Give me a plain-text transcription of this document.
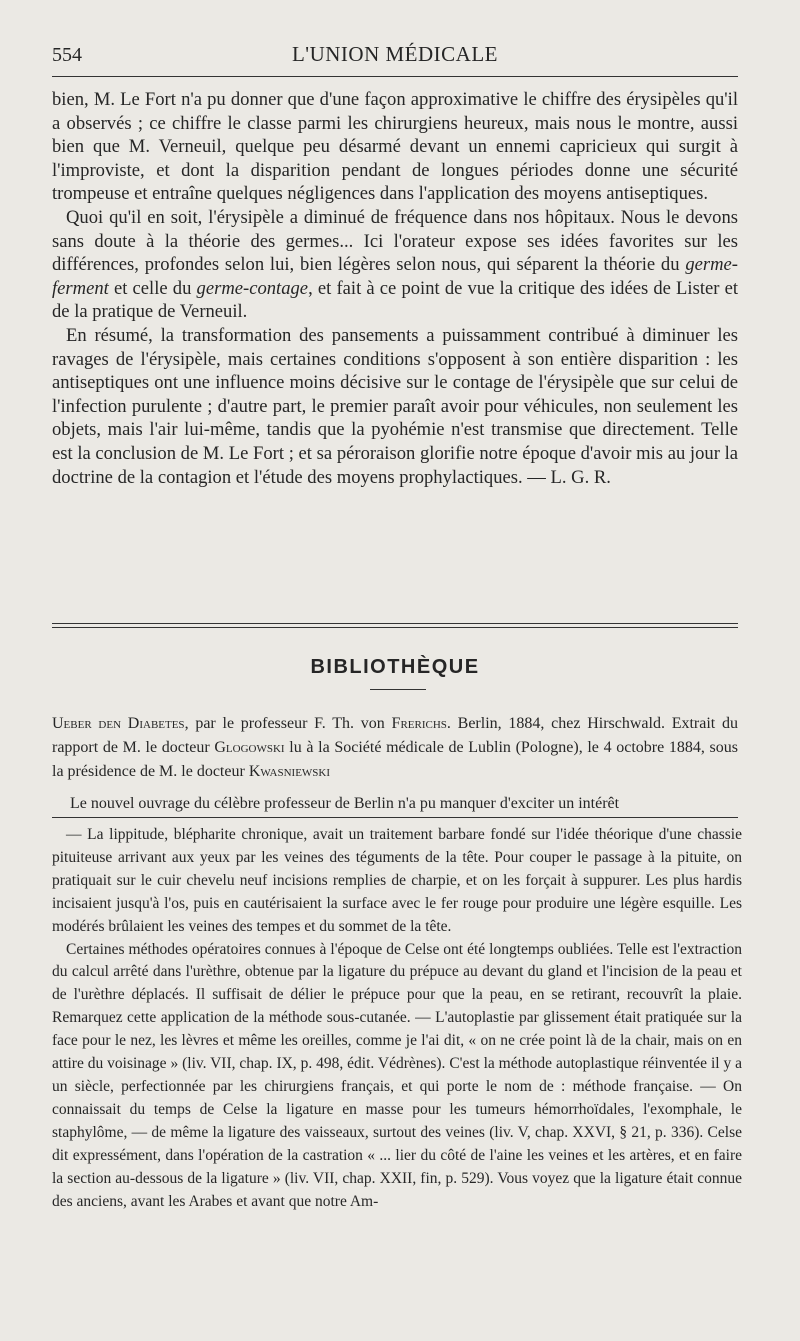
554	L'UNION MÉDICALE

bien, M. Le Fort n'a pu donner que d'une façon approximative le chiffre des érysipèles qu'il a observés ; ce chiffre le classe parmi les chirurgiens heureux, mais nous le montre, aussi bien que M. Verneuil, quelque peu désarmé devant un ennemi capricieux qui surgit à l'improviste, et dont la disparition pendant de longues périodes donne une sécurité trompeuse et entraîne quelques négligences dans l'application des moyens antiseptiques.

Quoi qu'il en soit, l'érysipèle a diminué de fréquence dans nos hôpitaux. Nous le devons sans doute à la théorie des germes... Ici l'orateur expose ses idées favorites sur les différences, profondes selon lui, bien légères selon nous, qui séparent la théorie du germe-ferment et celle du germe-contage, et fait à ce point de vue la critique des idées de Lister et de la pratique de Verneuil.

En résumé, la transformation des pansements a puissamment contribué à diminuer les ravages de l'érysipèle, mais certaines conditions s'opposent à son entière disparition : les antiseptiques ont une influence moins décisive sur le contage de l'érysipèle que sur celui de l'infection purulente ; d'autre part, le premier paraît avoir pour véhicules, non seulement les objets, mais l'air lui-même, tandis que la pyohémie n'est transmise que directement. Telle est la conclusion de M. Le Fort ; et sa péroraison glorifie notre époque d'avoir mis au jour la doctrine de la contagion et l'étude des moyens prophylactiques. — L. G. R.

BIBLIOTHÈQUE

Ueber den Diabetes, par le professeur F. Th. von Frerichs. Berlin, 1884, chez Hirschwald. Extrait du rapport de M. le docteur Glogowski lu à la Société médicale de Lublin (Pologne), le 4 octobre 1884, sous la présidence de M. le docteur Kwasniewski

Le nouvel ouvrage du célèbre professeur de Berlin n'a pu manquer d'exciter un intérêt

— La lippitude, blépharite chronique, avait un traitement barbare fondé sur l'idée théorique d'une chassie pituiteuse arrivant aux yeux par les veines des téguments de la tête. Pour couper le passage à la pituite, on pratiquait sur le cuir chevelu neuf incisions remplies de charpie, et on les forçait à suppurer. Les plus hardis incisaient jusqu'à l'os, puis en cautérisaient la surface avec le fer rouge pour produire une légère esquille. Les modérés brûlaient les veines des tempes et du sommet de la tête.

Certaines méthodes opératoires connues à l'époque de Celse ont été longtemps oubliées. Telle est l'extraction du calcul arrêté dans l'urèthre, obtenue par la ligature du prépuce au devant du gland et l'incision de la peau et de l'urèthre déplacés. Il suffisait de délier le prépuce pour que la peau, en se retirant, recouvrît la plaie. Remarquez cette application de la méthode sous-cutanée. — L'autoplastie par glissement était pratiquée sur la face pour le nez, les lèvres et même les oreilles, comme je l'ai dit, « on ne crée point là de la chair, mais on en attire du voisinage » (liv. VII, chap. IX, p. 498, édit. Védrènes). C'est la méthode autoplastique réinventée il y a un siècle, perfectionnée par les chirurgiens français, et qui porte le nom de : méthode française. — On connaissait du temps de Celse la ligature en masse pour les tumeurs hémorrhoïdales, l'exomphale, le staphylôme, — de même la ligature des vaisseaux, surtout des veines (liv. V, chap. XXVI, § 21, p. 336). Celse dit expressément, dans l'opération de la castration « ... lier du côté de l'aine les veines et les artères, et en faire la section au-dessous de la ligature » (liv. VII, chap. XXII, fin, p. 529). Vous voyez que la ligature était connue des anciens, avant les Arabes et avant que notre Am-
